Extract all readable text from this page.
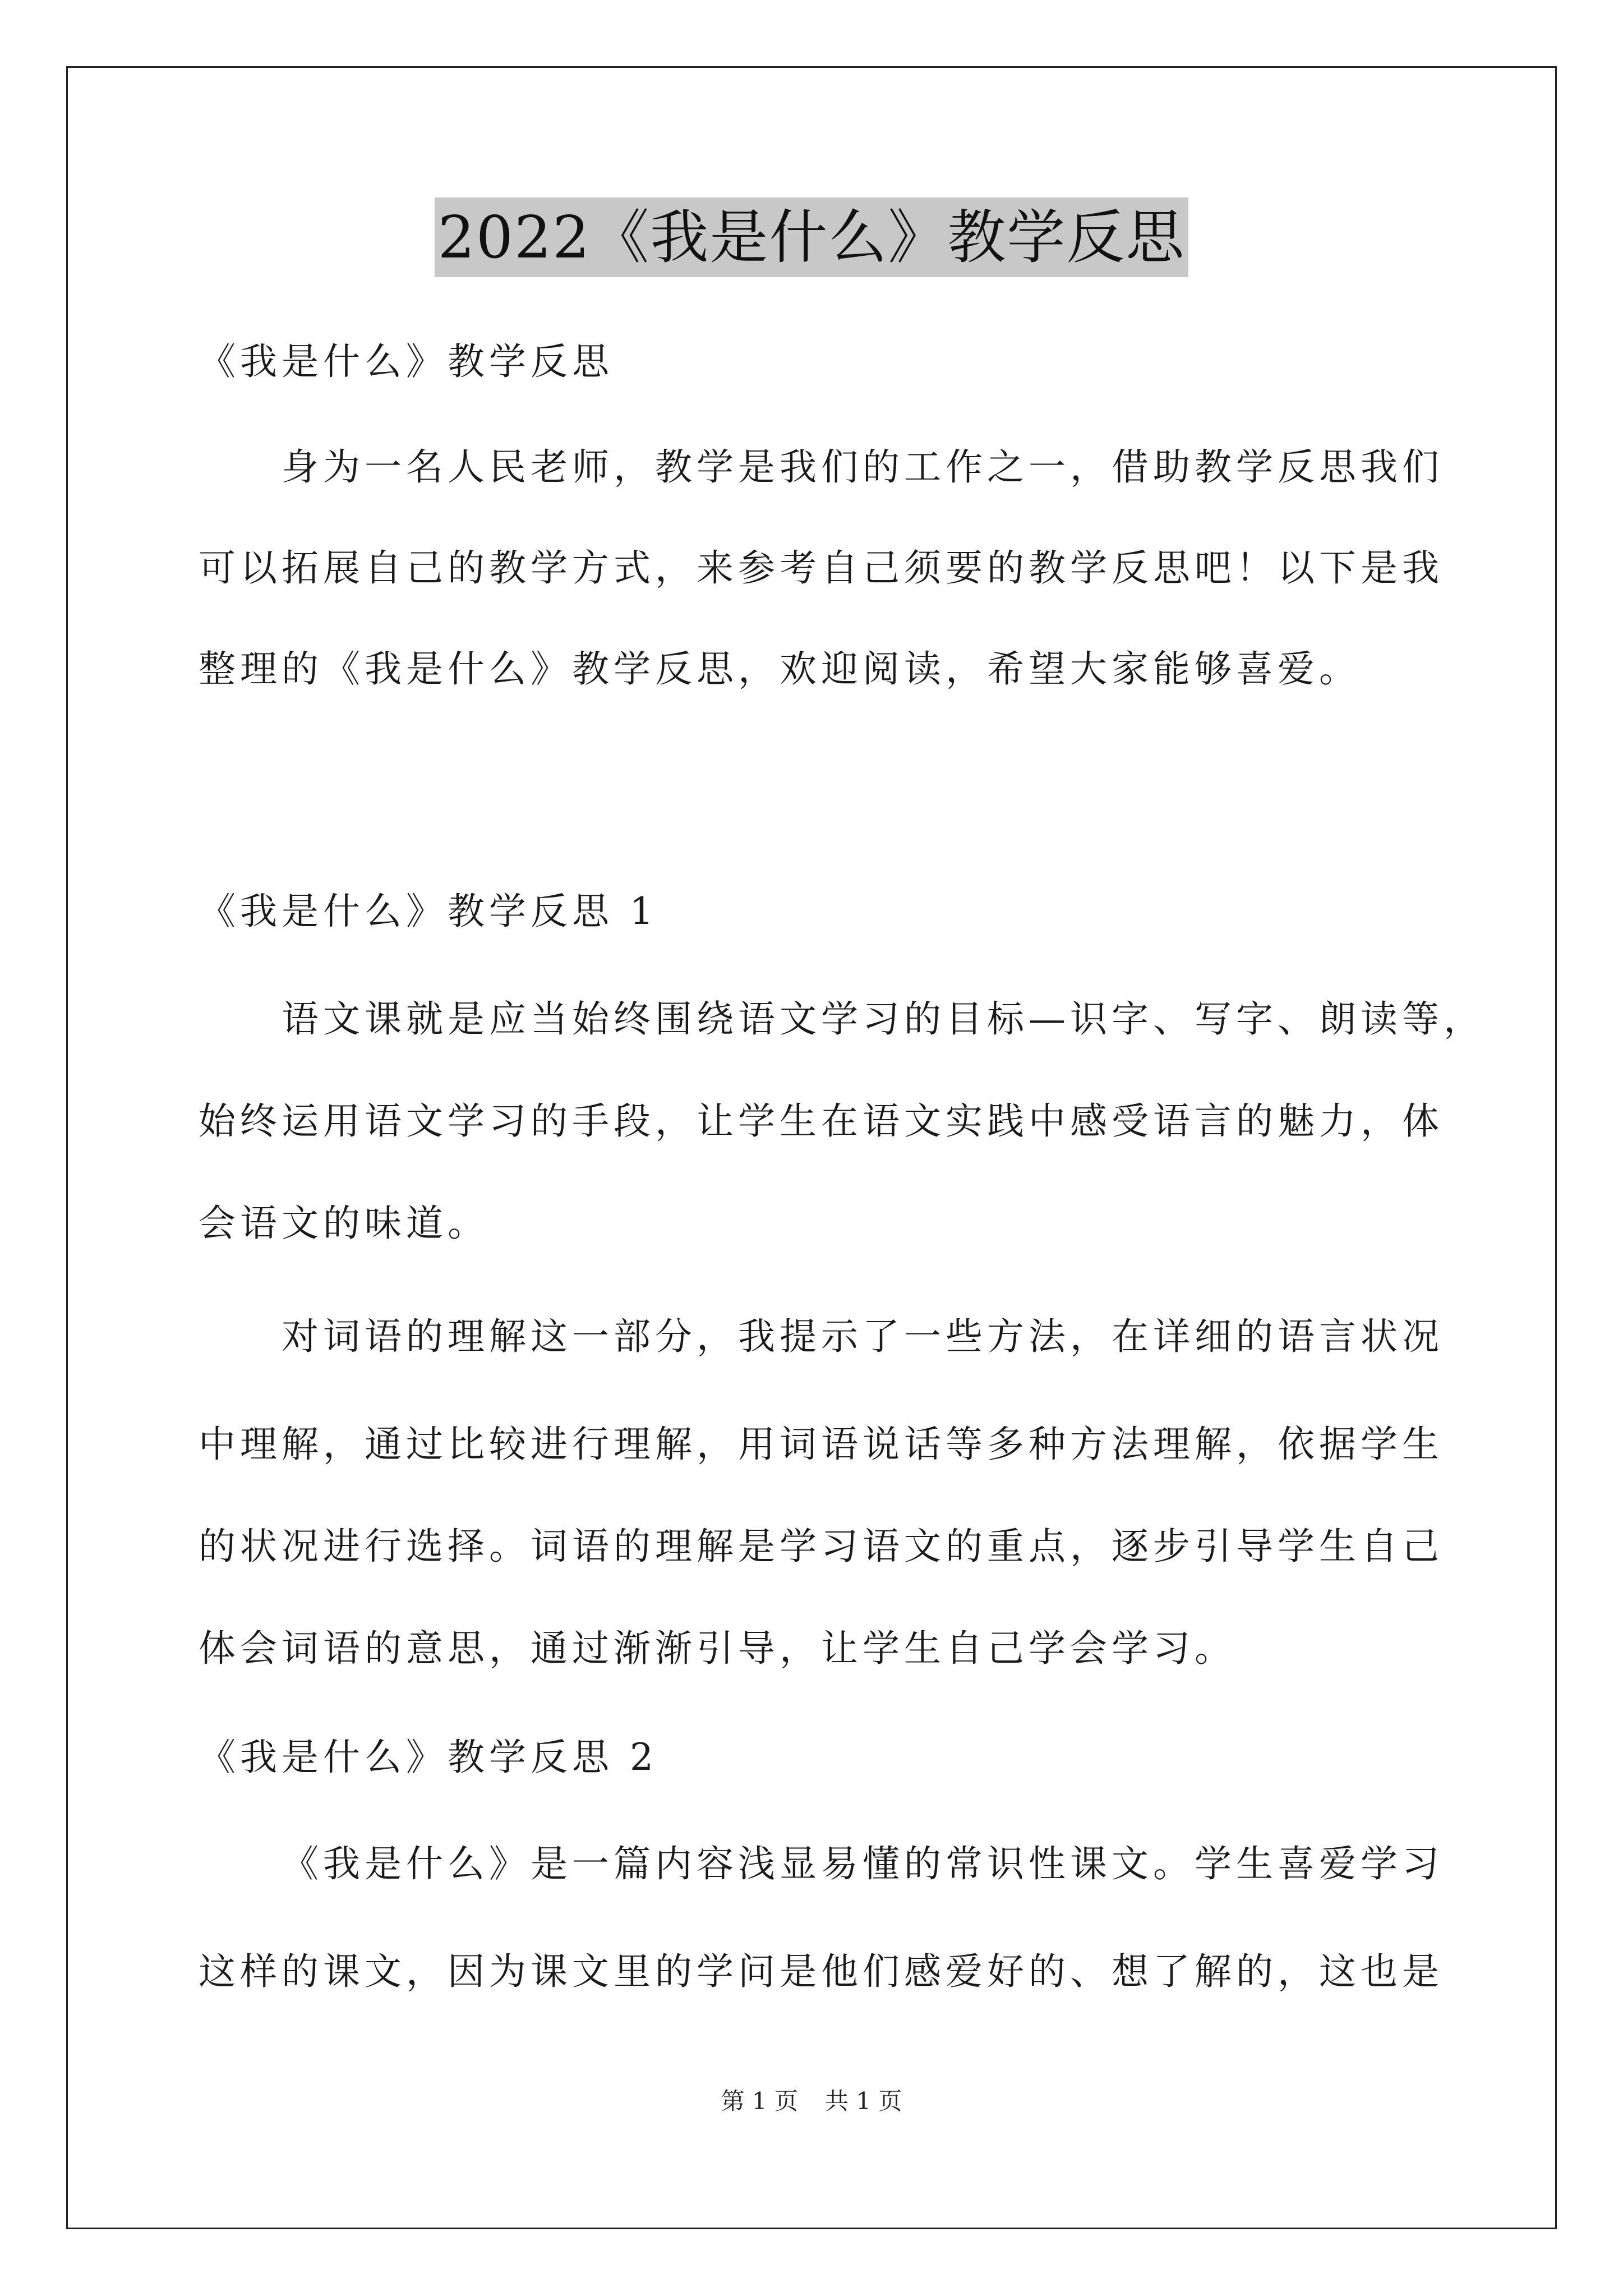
2022《我是什么》教学反思
《我是什么》教学反思
身为一名人民老师，教学是我们的工作之一，借助教学反思我们
可以拓展自己的教学方式，来参考自己须要的教学反思吧！以下是我
整理的《我是什么》教学反思，欢迎阅读，希望大家能够喜爱。
《我是什么》教学反思 1
语文课就是应当始终围绕语文学习的目标—识字、写字、朗读等，
始终运用语文学习的手段，让学生在语文实践中感受语言的魅力，体
会语文的味道。
对词语的理解这一部分，我提示了一些方法，在详细的语言状况
中理解，通过比较进行理解，用词语说话等多种方法理解，依据学生
的状况进行选择。词语的理解是学习语文的重点，逐步引导学生自己
体会词语的意思，通过渐渐引导，让学生自己学会学习。
《我是什么》教学反思 2
《我是什么》是一篇内容浅显易懂的常识性课文。学生喜爱学习
这样的课文，因为课文里的学问是他们感爱好的、想了解的，这也是
第 1 页 共 1 页
